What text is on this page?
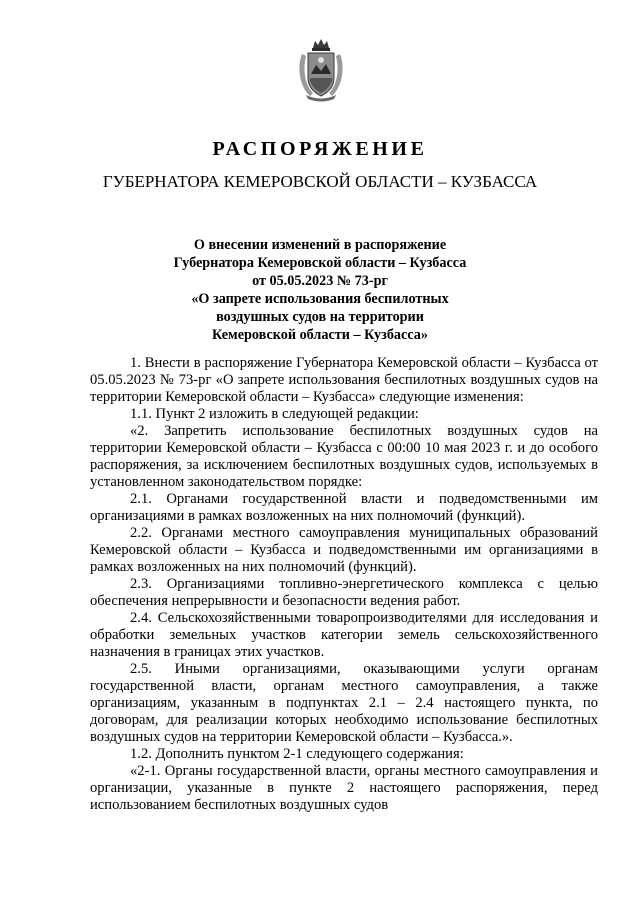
РАСПОРЯЖЕНИЕ
ГУБЕРНАТОРА КЕМЕРОВСКОЙ ОБЛАСТИ – КУЗБАССА
О внесении изменений в распоряжение
Губернатора Кемеровской области – Кузбасса
от 05.05.2023 № 73-рг
«О запрете использования беспилотных
воздушных судов на территории
Кемеровской области – Кузбасса»

1. Внести в распоряжение Губернатора Кемеровской области – Кузбасса от 05.05.2023 № 73-рг «О запрете использования беспилотных воздушных судов на территории Кемеровской области – Кузбасса» следующие изменения:

1.1. Пункт 2 изложить в следующей редакции:

«2. Запретить использование беспилотных воздушных судов на территории Кемеровской области – Кузбасса с 00:00 10 мая 2023 г. и до особого распоряжения, за исключением беспилотных воздушных судов, используемых в установленном законодательством порядке:

2.1. Органами государственной власти и подведомственными им организациями в рамках возложенных на них полномочий (функций).

2.2. Органами местного самоуправления муниципальных образований Кемеровской области – Кузбасса и подведомственными им организациями в рамках возложенных на них полномочий (функций).

2.3. Организациями топливно-энергетического комплекса с целью обеспечения непрерывности и безопасности ведения работ.

2.4. Сельскохозяйственными товаропроизводителями для исследования и обработки земельных участков категории земель сельскохозяйственного назначения в границах этих участков.

2.5. Иными организациями, оказывающими услуги органам государственной власти, органам местного самоуправления, а также организациям, указанным в подпунктах 2.1 – 2.4 настоящего пункта, по договорам, для реализации которых необходимо использование беспилотных воздушных судов на территории Кемеровской области – Кузбасса.».

1.2. Дополнить пунктом 2-1 следующего содержания:

«2-1. Органы государственной власти, органы местного самоуправления и организации, указанные в пункте 2 настоящего распоряжения, перед использованием беспилотных воздушных судов
